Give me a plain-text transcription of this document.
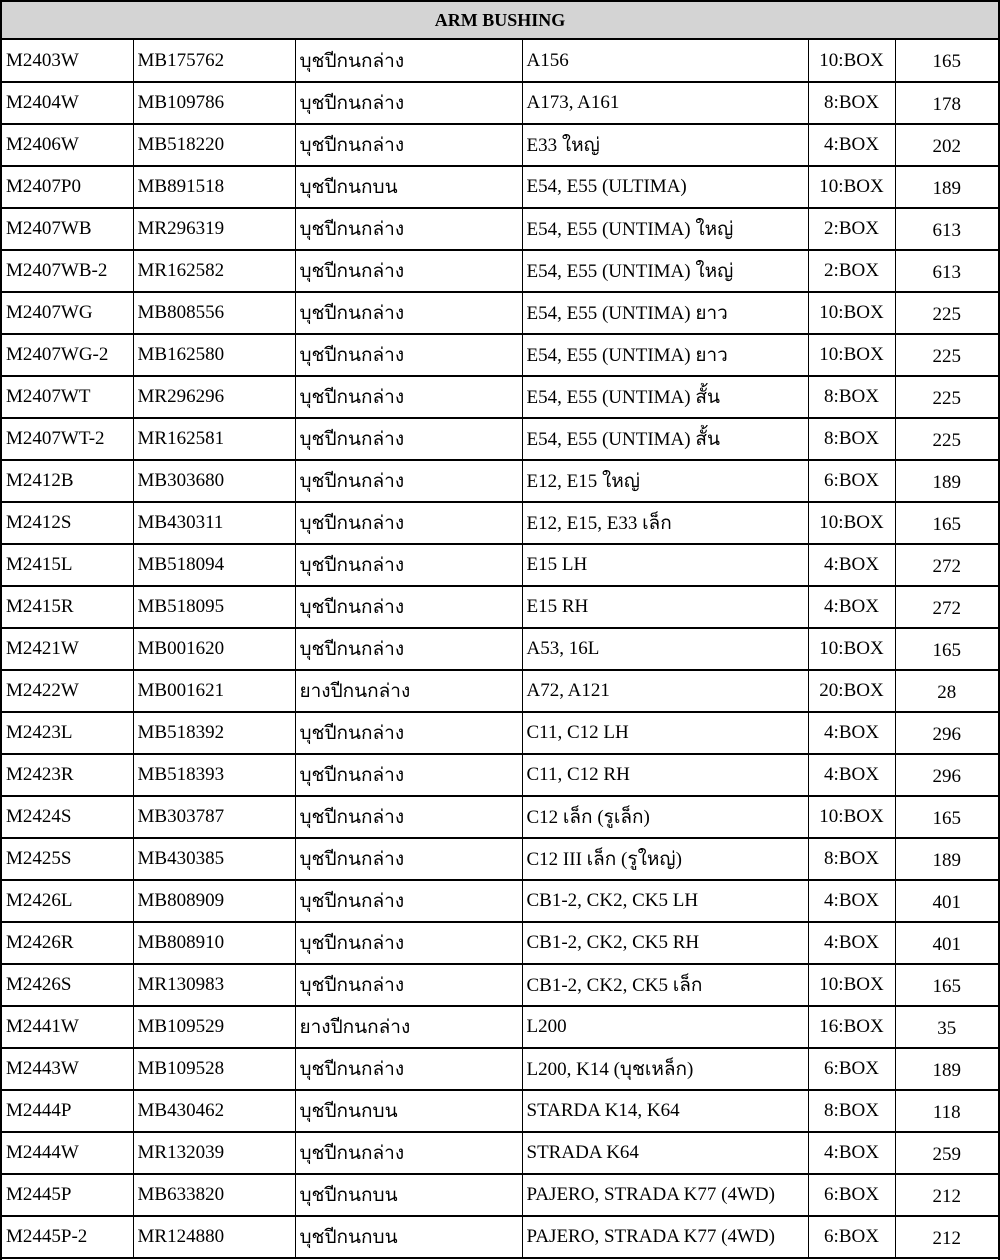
ARM BUSHING
M2403W	MB175762	บุชปีกนกล่าง	A156	10:BOX	165
M2404W	MB109786	บุชปีกนกล่าง	A173, A161	8:BOX	178
M2406W	MB518220	บุชปีกนกล่าง	E33 ใหญ่	4:BOX	202
M2407P0	MB891518	บุชปีกนกบน	E54, E55 (ULTIMA)	10:BOX	189
M2407WB	MR296319	บุชปีกนกล่าง	E54, E55 (UNTIMA) ใหญ่	2:BOX	613
M2407WB-2	MR162582	บุชปีกนกล่าง	E54, E55 (UNTIMA) ใหญ่	2:BOX	613
M2407WG	MB808556	บุชปีกนกล่าง	E54, E55 (UNTIMA) ยาว	10:BOX	225
M2407WG-2	MB162580	บุชปีกนกล่าง	E54, E55 (UNTIMA) ยาว	10:BOX	225
M2407WT	MR296296	บุชปีกนกล่าง	E54, E55 (UNTIMA) สั้น	8:BOX	225
M2407WT-2	MR162581	บุชปีกนกล่าง	E54, E55 (UNTIMA) สั้น	8:BOX	225
M2412B	MB303680	บุชปีกนกล่าง	E12, E15 ใหญ่	6:BOX	189
M2412S	MB430311	บุชปีกนกล่าง	E12, E15, E33 เล็ก	10:BOX	165
M2415L	MB518094	บุชปีกนกล่าง	E15 LH	4:BOX	272
M2415R	MB518095	บุชปีกนกล่าง	E15 RH	4:BOX	272
M2421W	MB001620	บุชปีกนกล่าง	A53, 16L	10:BOX	165
M2422W	MB001621	ยางปีกนกล่าง	A72, A121	20:BOX	28
M2423L	MB518392	บุชปีกนกล่าง	C11, C12 LH	4:BOX	296
M2423R	MB518393	บุชปีกนกล่าง	C11, C12 RH	4:BOX	296
M2424S	MB303787	บุชปีกนกล่าง	C12 เล็ก (รูเล็ก)	10:BOX	165
M2425S	MB430385	บุชปีกนกล่าง	C12 III เล็ก (รูใหญ่)	8:BOX	189
M2426L	MB808909	บุชปีกนกล่าง	CB1-2, CK2, CK5 LH	4:BOX	401
M2426R	MB808910	บุชปีกนกล่าง	CB1-2, CK2, CK5 RH	4:BOX	401
M2426S	MR130983	บุชปีกนกล่าง	CB1-2, CK2, CK5 เล็ก	10:BOX	165
M2441W	MB109529	ยางปีกนกล่าง	L200	16:BOX	35
M2443W	MB109528	บุชปีกนกล่าง	L200, K14 (บุชเหล็ก)	6:BOX	189
M2444P	MB430462	บุชปีกนกบน	STARDA K14, K64	8:BOX	118
M2444W	MR132039	บุชปีกนกล่าง	STRADA K64	4:BOX	259
M2445P	MB633820	บุชปีกนกบน	PAJERO, STRADA K77 (4WD)	6:BOX	212
M2445P-2	MR124880	บุชปีกนกบน	PAJERO, STRADA K77 (4WD)	6:BOX	212
